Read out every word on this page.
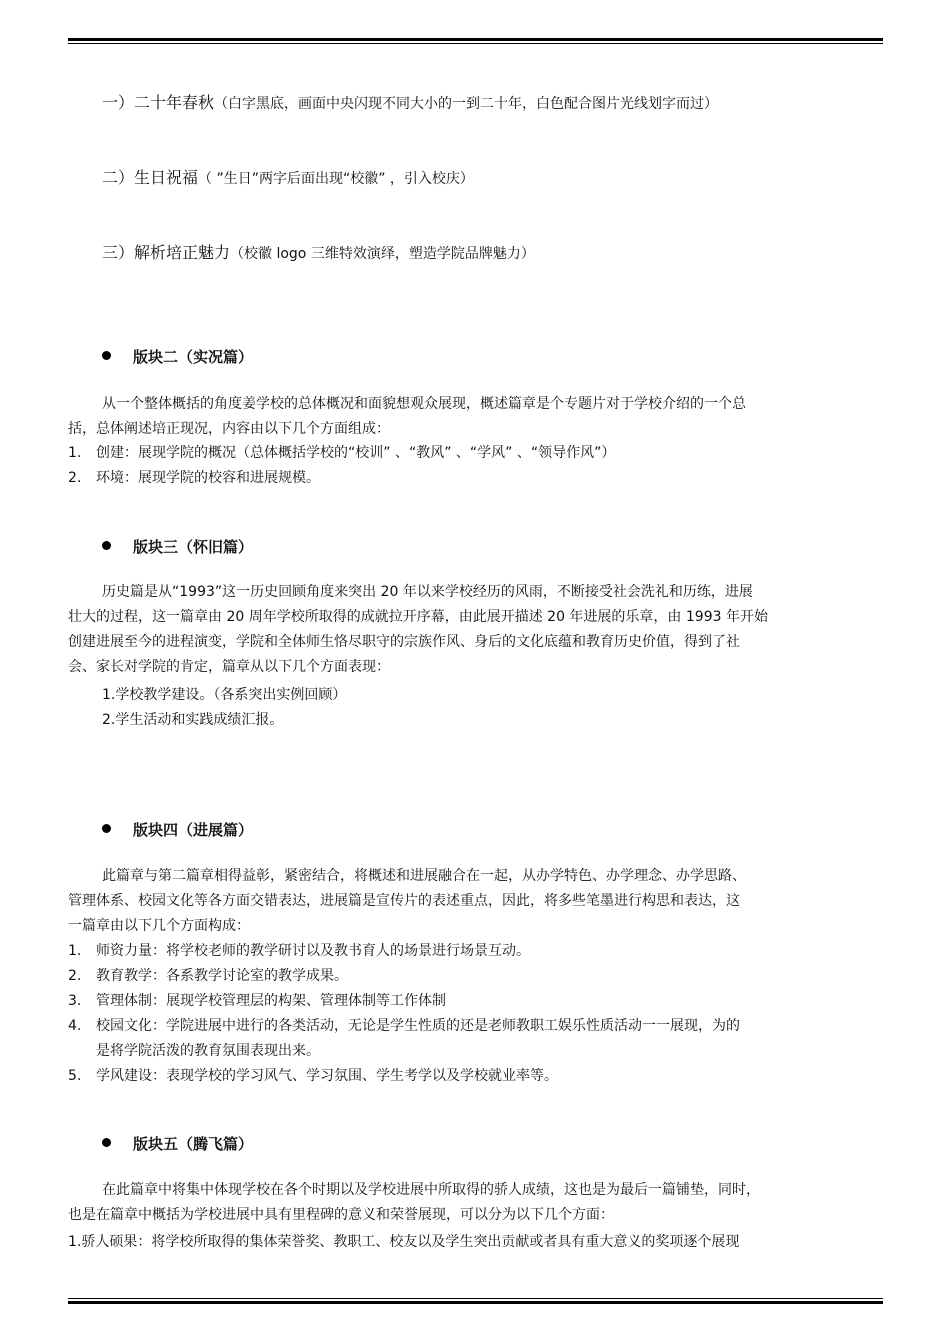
一）二十年春秋（白字黑底，画面中央闪现不同大小的一到二十年，白色配合图片光线划字而过）
二）生日祝福（ ”生日”两字后面出现“校徽” ，引入校庆）
三）解析培正魅力（校徽 logo 三维特效演绎，塑造学院品牌魅力）
版块二（实况篇）
从一个整体概括的角度姜学校的总体概况和面貌想观众展现，概述篇章是个专题片对于学校介绍的一个总
括，总体阐述培正现况，内容由以下几个方面组成：
1.	创建：展现学院的概况（总体概括学校的“校训” 、“教风” 、“学风” 、“领导作风”）
2.	环境：展现学院的校容和进展规模。
版块三（怀旧篇）
历史篇是从“1993”这一历史回顾角度来突出 20 年以来学校经历的风雨，不断接受社会洗礼和历练，进展
壮大的过程，这一篇章由 20 周年学校所取得的成就拉开序幕，由此展开描述 20 年进展的乐章，由 1993 年开始
创建进展至今的进程演变，学院和全体师生恪尽职守的宗族作风、身后的文化底蕴和教育历史价值，得到了社
会、家长对学院的肯定，篇章从以下几个方面表现：
1.学校教学建设。（各系突出实例回顾）
2.学生活动和实践成绩汇报。
版块四（进展篇）
此篇章与第二篇章相得益彰，紧密结合，将概述和进展融合在一起，从办学特色、办学理念、办学思路、
管理体系、校园文化等各方面交错表达，进展篇是宣传片的表述重点，因此，将多些笔墨进行构思和表达，这
一篇章由以下几个方面构成：
1.	师资力量：将学校老师的教学研讨以及教书育人的场景进行场景互动。
2.	教育教学：各系教学讨论室的教学成果。
3.	管理体制：展现学校管理层的构架、管理体制等工作体制
4.	校园文化：学院进展中进行的各类活动，无论是学生性质的还是老师教职工娱乐性质活动一一展现，为的
是将学院活泼的教育氛围表现出来。
5.	学风建设：表现学校的学习风气、学习氛围、学生考学以及学校就业率等。
版块五（腾飞篇）
在此篇章中将集中体现学校在各个时期以及学校进展中所取得的骄人成绩，这也是为最后一篇铺垫，同时，
也是在篇章中概括为学校进展中具有里程碑的意义和荣誉展现，可以分为以下几个方面：
1.骄人硕果：将学校所取得的集体荣誉奖、教职工、校友以及学生突出贡献或者具有重大意义的奖项逐个展现
